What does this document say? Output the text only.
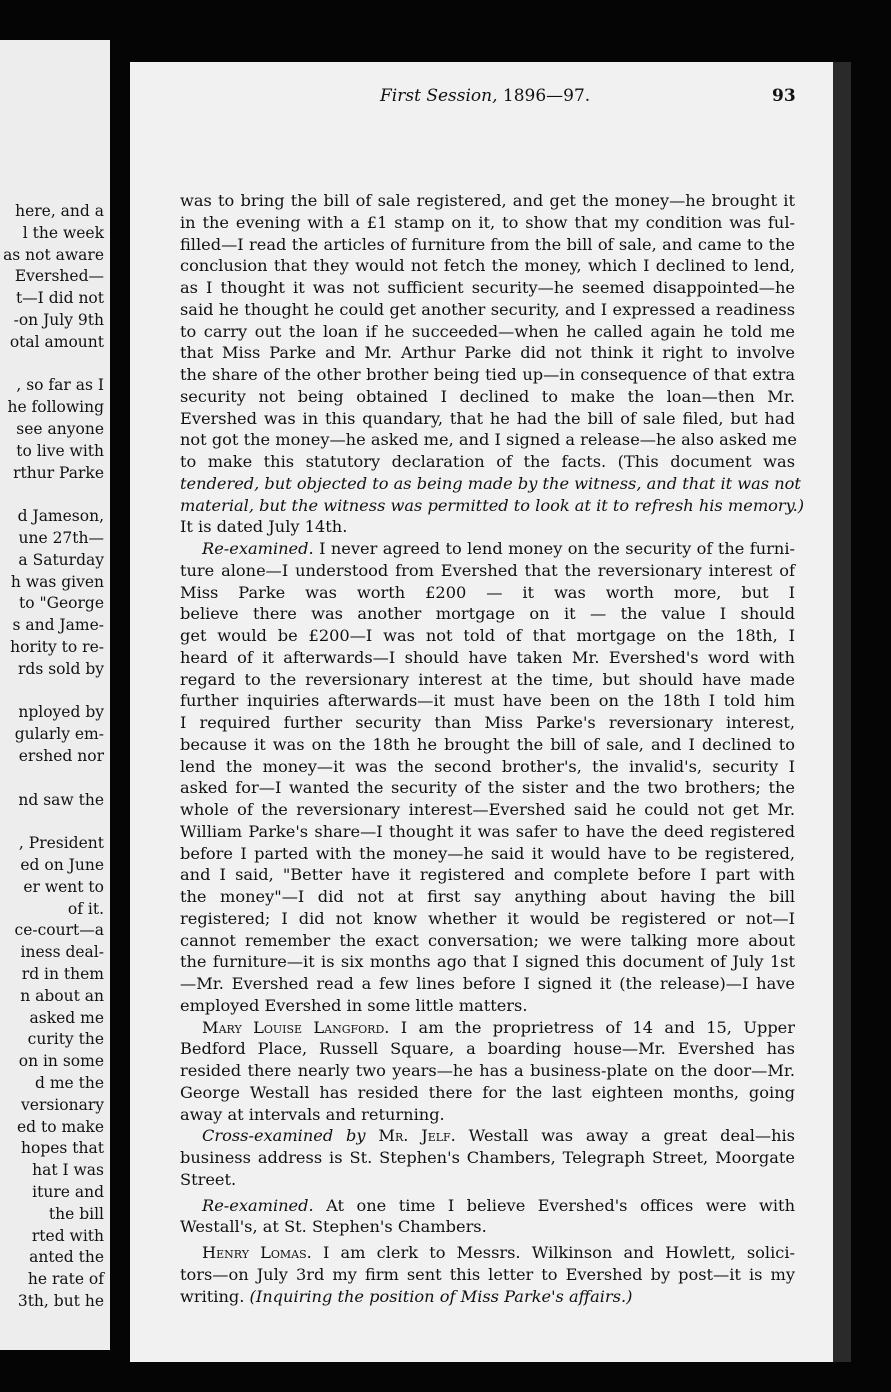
here, and a
l the week
as not aware
Evershed—
t—I did not
-on July 9th
otal amount
, so far as I
he following
see anyone
to live with
rthur Parke
d Jameson,
une 27th—
a Saturday
h was given
to "George
s and Jame-
hority to re-
rds sold by
nployed by
gularly em-
ershed nor
nd saw the
, President
ed on June
er went to
of it.
ce-court—a
iness deal-
rd in them
n about an
asked me
curity the
on in some
d me the
versionary
ed to make
hopes that
hat I was
iture and
the bill
rted with
anted the
he rate of
3th, but he
First Session, 1896—97.	93

was to bring the bill of sale registered, and get the money—he brought it
in the evening with a £1 stamp on it, to show that my condition was ful-
filled—I read the articles of furniture from the bill of sale, and came to the
conclusion that they would not fetch the money, which I declined to lend,
as I thought it was not sufficient security—he seemed disappointed—he
said he thought he could get another security, and I expressed a readiness
to carry out the loan if he succeeded—when he called again he told me
that Miss Parke and Mr. Arthur Parke did not think it right to involve
the share of the other brother being tied up—in consequence of that extra
security not being obtained I declined to make the loan—then Mr.
Evershed was in this quandary, that he had the bill of sale filed, but had
not got the money—he asked me, and I signed a release—he also asked me
to make this statutory declaration of the facts. (This document was
tendered, but objected to as being made by the witness, and that it was not
material, but the witness was permitted to look at it to refresh his memory.)
It is dated July 14th.

Re-examined. I never agreed to lend money on the security of the furni-
ture alone—I understood from Evershed that the reversionary interest of
Miss Parke was worth £200 — it was worth more, but I
believe there was another mortgage on it — the value I should
get would be £200—I was not told of that mortgage on the 18th, I
heard of it afterwards—I should have taken Mr. Evershed's word with
regard to the reversionary interest at the time, but should have made
further inquiries afterwards—it must have been on the 18th I told him
I required further security than Miss Parke's reversionary interest,
because it was on the 18th he brought the bill of sale, and I declined to
lend the money—it was the second brother's, the invalid's, security I
asked for—I wanted the security of the sister and the two brothers; the
whole of the reversionary interest—Evershed said he could not get Mr.
William Parke's share—I thought it was safer to have the deed registered
before I parted with the money—he said it would have to be registered,
and I said, "Better have it registered and complete before I part with
the money"—I did not at first say anything about having the bill
registered; I did not know whether it would be registered or not—I
cannot remember the exact conversation; we were talking more about
the furniture—it is six months ago that I signed this document of July 1st
—Mr. Evershed read a few lines before I signed it (the release)—I have
employed Evershed in some little matters.

Mary Louise Langford. I am the proprietress of 14 and 15, Upper
Bedford Place, Russell Square, a boarding house—Mr. Evershed has
resided there nearly two years—he has a business-plate on the door—Mr.
George Westall has resided there for the last eighteen months, going
away at intervals and returning.

Cross-examined by Mr. Jelf. Westall was away a great deal—his
business address is St. Stephen's Chambers, Telegraph Street, Moorgate
Street.

Re-examined. At one time I believe Evershed's offices were with
Westall's, at St. Stephen's Chambers.

Henry Lomas. I am clerk to Messrs. Wilkinson and Howlett, solici-
tors—on July 3rd my firm sent this letter to Evershed by post—it is my
writing. (Inquiring the position of Miss Parke's affairs.)
